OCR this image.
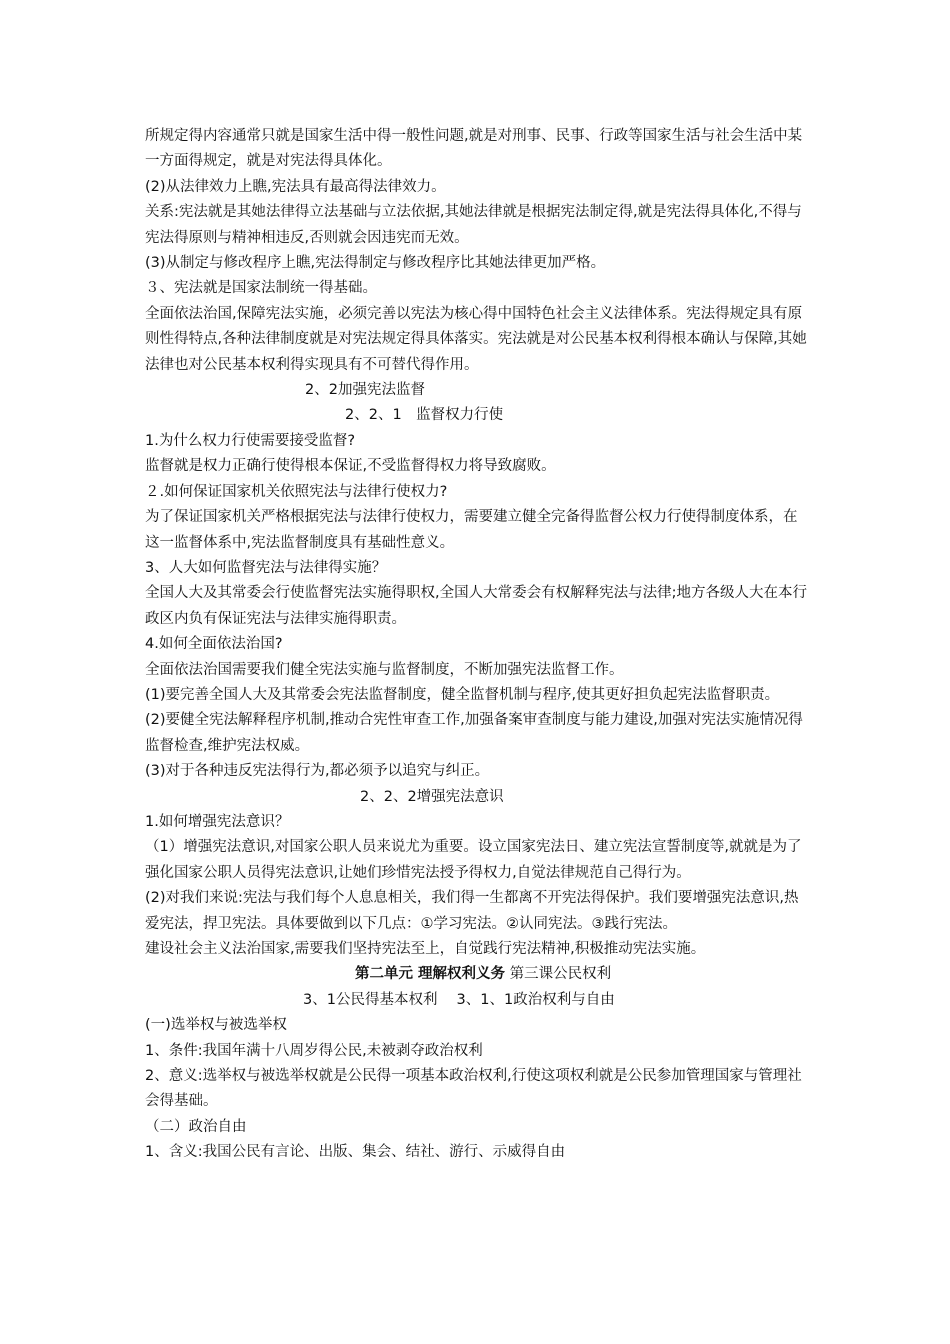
所规定得内容通常只就是国家生活中得一般性问题,就是对刑事、民事、行政等国家生活与社会生活中某一方面得规定，就是对宪法得具体化。

(2)从法律效力上瞧,宪法具有最高得法律效力。

关系:宪法就是其她法律得立法基础与立法依据,其她法律就是根据宪法制定得,就是宪法得具体化,不得与宪法得原则与精神相违反,否则就会因违宪而无效。

(3)从制定与修改程序上瞧,宪法得制定与修改程序比其她法律更加严格。

３、宪法就是国家法制统一得基础。

全面依法治国,保障宪法实施，必须完善以宪法为核心得中国特色社会主义法律体系。宪法得规定具有原则性得特点,各种法律制度就是对宪法规定得具体落实。宪法就是对公民基本权利得根本确认与保障,其她法律也对公民基本权利得实现具有不可替代得作用。

2、2加强宪法监督

2、2、1　监督权力行使

1.为什么权力行使需要接受监督?

监督就是权力正确行使得根本保证,不受监督得权力将导致腐败。

２.如何保证国家机关依照宪法与法律行使权力?

为了保证国家机关严格根据宪法与法律行使权力，需要建立健全完备得监督公权力行使得制度体系，在这一监督体系中,宪法监督制度具有基础性意义。

3、人大如何监督宪法与法律得实施？

全国人大及其常委会行使监督宪法实施得职权,全国人大常委会有权解释宪法与法律;地方各级人大在本行政区内负有保证宪法与法律实施得职责。

4.如何全面依法治国?

全面依法治国需要我们健全宪法实施与监督制度，不断加强宪法监督工作。

(1)要完善全国人大及其常委会宪法监督制度，健全监督机制与程序,使其更好担负起宪法监督职责。

(2)要健全宪法解释程序机制,推动合宪性审查工作,加强备案审查制度与能力建设,加强对宪法实施情况得监督检查,维护宪法权威。

(3)对于各种违反宪法得行为,都必须予以追究与纠正。

2、2、2增强宪法意识

1.如何增强宪法意识？

（1）增强宪法意识,对国家公职人员来说尤为重要。设立国家宪法日、建立宪法宣誓制度等,就就是为了强化国家公职人员得宪法意识,让她们珍惜宪法授予得权力,自觉法律规范自己得行为。

(2)对我们来说:宪法与我们每个人息息相关，我们得一生都离不开宪法得保护。我们要增强宪法意识,热爱宪法，捍卫宪法。具体要做到以下几点：①学习宪法。②认同宪法。③践行宪法。

建设社会主义法治国家,需要我们坚持宪法至上，自觉践行宪法精神,积极推动宪法实施。

第二单元 理解权利义务 第三课公民权利

3、1公民得基本权利　 3、1、1政治权利与自由

(一)选举权与被选举权

1、条件:我国年满十八周岁得公民,未被剥夺政治权利

2、意义:选举权与被选举权就是公民得一项基本政治权利,行使这项权利就是公民参加管理国家与管理社会得基础。

（二）政治自由

1、含义:我国公民有言论、出版、集会、结社、游行、示威得自由
